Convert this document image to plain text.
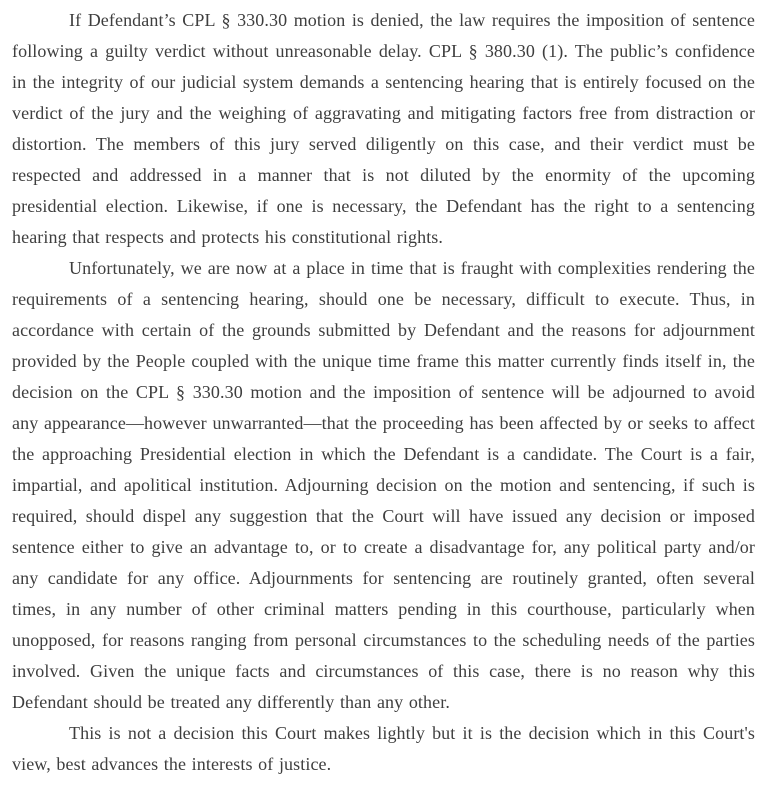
If Defendant’s CPL § 330.30 motion is denied, the law requires the imposition of sentence following a guilty verdict without unreasonable delay. CPL § 380.30 (1). The public’s confidence in the integrity of our judicial system demands a sentencing hearing that is entirely focused on the verdict of the jury and the weighing of aggravating and mitigating factors free from distraction or distortion. The members of this jury served diligently on this case, and their verdict must be respected and addressed in a manner that is not diluted by the enormity of the upcoming presidential election. Likewise, if one is necessary, the Defendant has the right to a sentencing hearing that respects and protects his constitutional rights.

Unfortunately, we are now at a place in time that is fraught with complexities rendering the requirements of a sentencing hearing, should one be necessary, difficult to execute. Thus, in accordance with certain of the grounds submitted by Defendant and the reasons for adjournment provided by the People coupled with the unique time frame this matter currently finds itself in, the decision on the CPL § 330.30 motion and the imposition of sentence will be adjourned to avoid any appearance—however unwarranted—that the proceeding has been affected by or seeks to affect the approaching Presidential election in which the Defendant is a candidate. The Court is a fair, impartial, and apolitical institution. Adjourning decision on the motion and sentencing, if such is required, should dispel any suggestion that the Court will have issued any decision or imposed sentence either to give an advantage to, or to create a disadvantage for, any political party and/or any candidate for any office. Adjournments for sentencing are routinely granted, often several times, in any number of other criminal matters pending in this courthouse, particularly when unopposed, for reasons ranging from personal circumstances to the scheduling needs of the parties involved. Given the unique facts and circumstances of this case, there is no reason why this Defendant should be treated any differently than any other.

This is not a decision this Court makes lightly but it is the decision which in this Court's view, best advances the interests of justice.
